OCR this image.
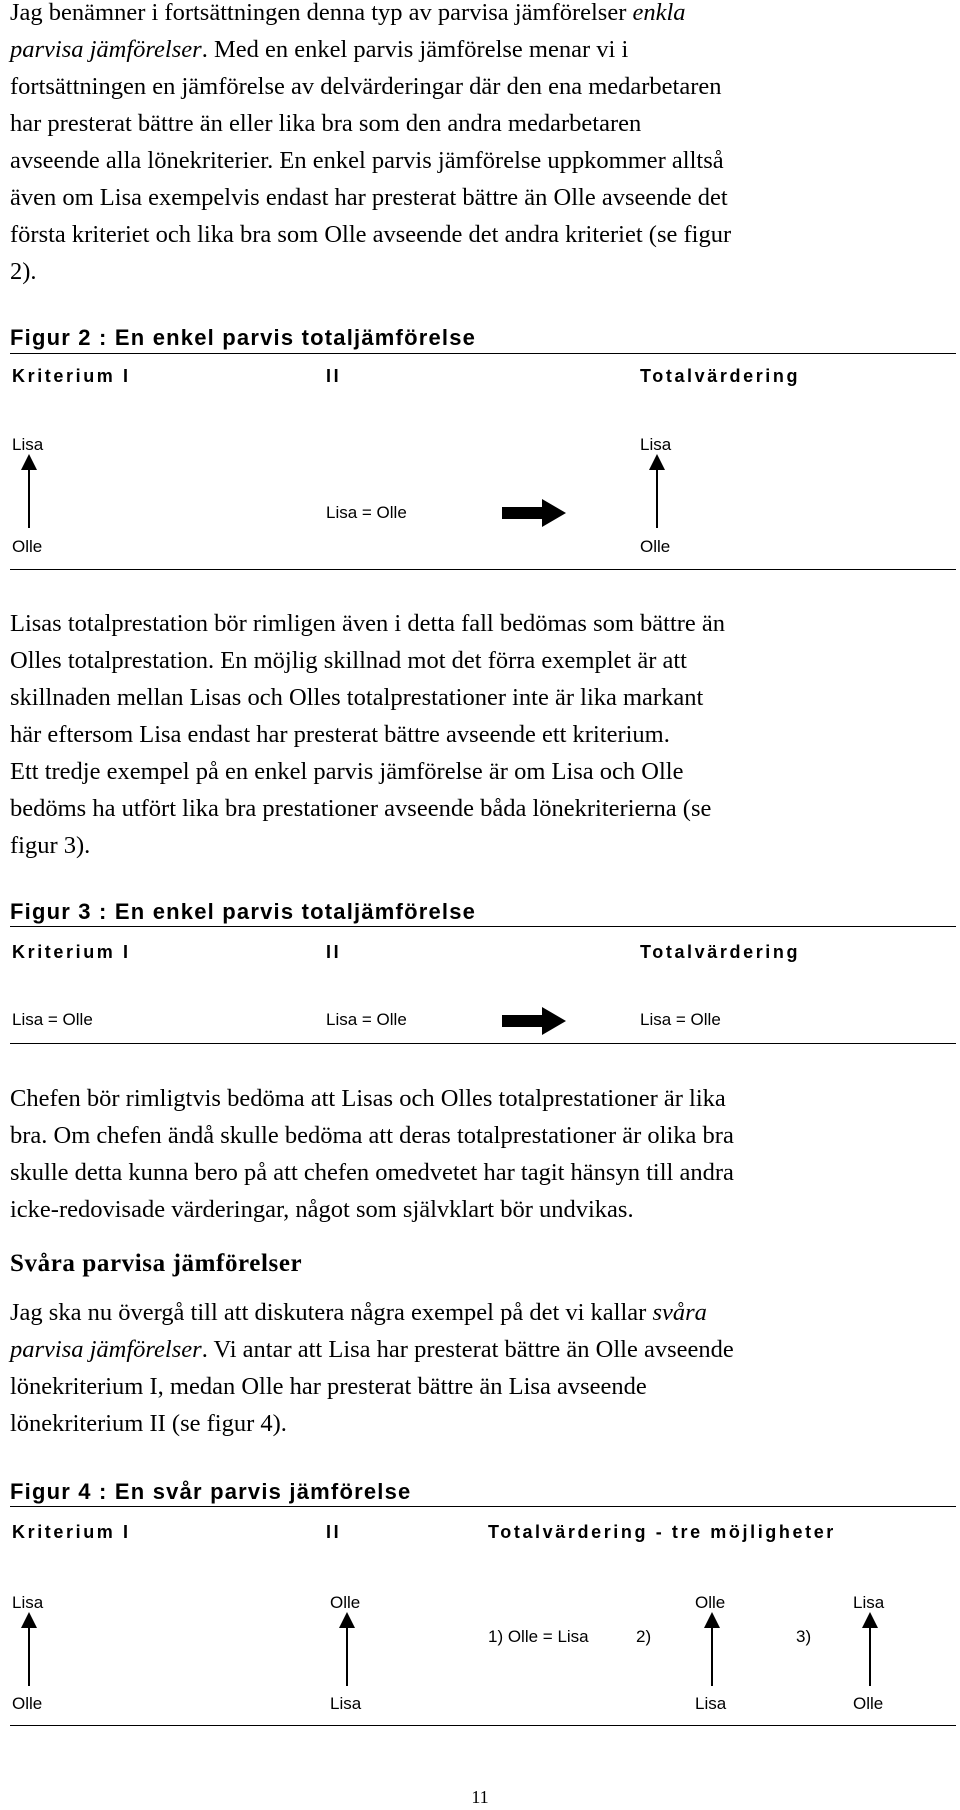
Jag benämner i fortsättningen denna typ av parvisa jämförelser enkla
parvisa jämförelser. Med en enkel parvis jämförelse menar vi i
fortsättningen en jämförelse av delvärderingar där den ena medarbetaren
har presterat bättre än eller lika bra som den andra medarbetaren
avseende alla lönekriterier. En enkel parvis jämförelse uppkommer alltså
även om Lisa exempelvis endast har presterat bättre än Olle avseende det
första kriteriet och lika bra som Olle avseende det andra kriteriet (se figur
2).

Figur 2 : En enkel parvis totaljämförelse
Kriterium I	II	Totalvärdering
Lisa
Olle
Lisa = Olle
Lisa
Olle

Lisas totalprestation bör rimligen även i detta fall bedömas som bättre än
Olles totalprestation. En möjlig skillnad mot det förra exemplet är att
skillnaden mellan Lisas och Olles totalprestationer inte är lika markant
här eftersom Lisa endast har presterat bättre avseende ett kriterium.
Ett tredje exempel på en enkel parvis jämförelse är om Lisa och Olle
bedöms ha utfört lika bra prestationer avseende båda lönekriterierna (se
figur 3).

Figur 3 : En enkel parvis totaljämförelse
Kriterium I	II	Totalvärdering
Lisa = Olle	Lisa = Olle	Lisa = Olle

Chefen bör rimligtvis bedöma att Lisas och Olles totalprestationer är lika
bra. Om chefen ändå skulle bedöma att deras totalprestationer är olika bra
skulle detta kunna bero på att chefen omedvetet har tagit hänsyn till andra
icke-redovisade värderingar, något som självklart bör undvikas.

Svåra parvisa jämförelser

Jag ska nu övergå till att diskutera några exempel på det vi kallar svåra
parvisa jämförelser. Vi antar att Lisa har presterat bättre än Olle avseende
lönekriterium I, medan Olle har presterat bättre än Lisa avseende
lönekriterium II (se figur 4).

Figur 4 : En svår parvis jämförelse
Kriterium I	II	Totalvärdering - tre möjligheter
Lisa
Olle
Olle
Lisa
1) Olle = Lisa	2)
Olle
Lisa
3)
Lisa
Olle
11
